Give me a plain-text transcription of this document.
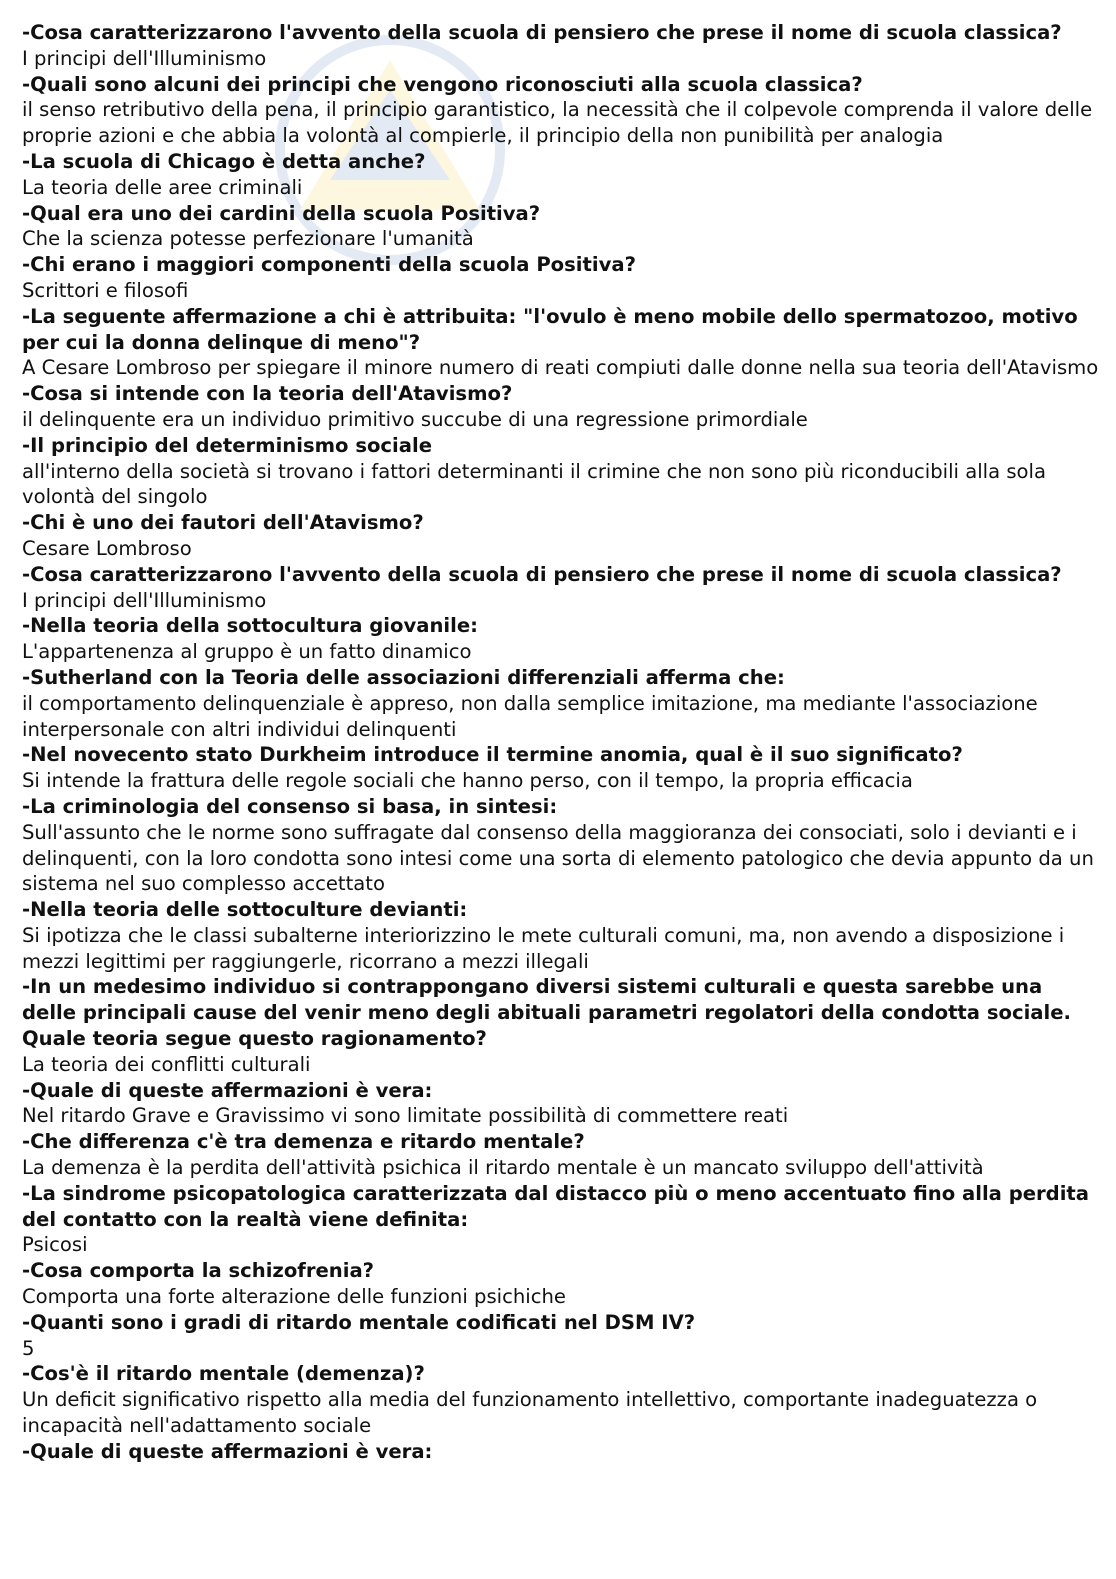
-Cosa caratterizzarono l'avvento della scuola di pensiero che prese il nome di scuola classica?

I principi dell'Illuminismo

-Quali sono alcuni dei principi che vengono riconosciuti alla scuola classica?

il senso retributivo della pena, il principio garantistico, la necessità che il colpevole comprenda il valore delle proprie azioni e che abbia la volontà al compierle, il principio della non punibilità per analogia

-La scuola di Chicago è detta anche?

La teoria delle aree criminali

-Qual era uno dei cardini della scuola Positiva?

Che la scienza potesse perfezionare l'umanità

-Chi erano i maggiori componenti della scuola Positiva?

Scrittori e filosofi

-La seguente affermazione a chi è attribuita: "l'ovulo è meno mobile dello spermatozoo, motivo per cui la donna delinque di meno"?

A Cesare Lombroso per spiegare il minore numero di reati compiuti dalle donne nella sua teoria dell'Atavismo

-Cosa si intende con la teoria dell'Atavismo?

il delinquente era un individuo primitivo succube di una regressione primordiale

-Il principio del determinismo sociale

all'interno della società si trovano i fattori determinanti il crimine che non sono più riconducibili alla sola volontà del singolo

-Chi è uno dei fautori dell'Atavismo?

Cesare Lombroso

-Cosa caratterizzarono l'avvento della scuola di pensiero che prese il nome di scuola classica?

I principi dell'Illuminismo

-Nella teoria della sottocultura giovanile:

L'appartenenza al gruppo è un fatto dinamico

-Sutherland con la Teoria delle associazioni differenziali afferma che:

il comportamento delinquenziale è appreso, non dalla semplice imitazione, ma mediante l'associazione interpersonale con altri individui delinquenti

-Nel novecento stato Durkheim introduce il termine anomia, qual è il suo significato?

Si intende la frattura delle regole sociali che hanno perso, con il tempo, la propria efficacia

-La criminologia del consenso si basa, in sintesi:

Sull'assunto che le norme sono suffragate dal consenso della maggioranza dei consociati, solo i devianti e i delinquenti, con la loro condotta sono intesi come una sorta di elemento patologico che devia appunto da un sistema nel suo complesso accettato

-Nella teoria delle sottoculture devianti:

Si ipotizza che le classi subalterne interiorizzino le mete culturali comuni, ma, non avendo a disposizione i mezzi legittimi per raggiungerle, ricorrano a mezzi illegali

-In un medesimo individuo si contrappongano diversi sistemi culturali e questa sarebbe una delle principali cause del venir meno degli abituali parametri regolatori della condotta sociale. Quale teoria segue questo ragionamento?

La teoria dei conflitti culturali

-Quale di queste affermazioni è vera:

Nel ritardo Grave e Gravissimo vi sono limitate possibilità di commettere reati

-Che differenza c'è tra demenza e ritardo mentale?

La demenza è la perdita dell'attività psichica il ritardo mentale è un mancato sviluppo dell'attività

-La sindrome psicopatologica caratterizzata dal distacco più o meno accentuato fino alla perdita del contatto con la realtà viene definita:

Psicosi

-Cosa comporta la schizofrenia?

Comporta una forte alterazione delle funzioni psichiche

-Quanti sono i gradi di ritardo mentale codificati nel DSM IV?

5

-Cos'è il ritardo mentale (demenza)?

Un deficit significativo rispetto alla media del funzionamento intellettivo, comportante inadeguatezza o incapacità nell'adattamento sociale

-Quale di queste affermazioni è vera:
